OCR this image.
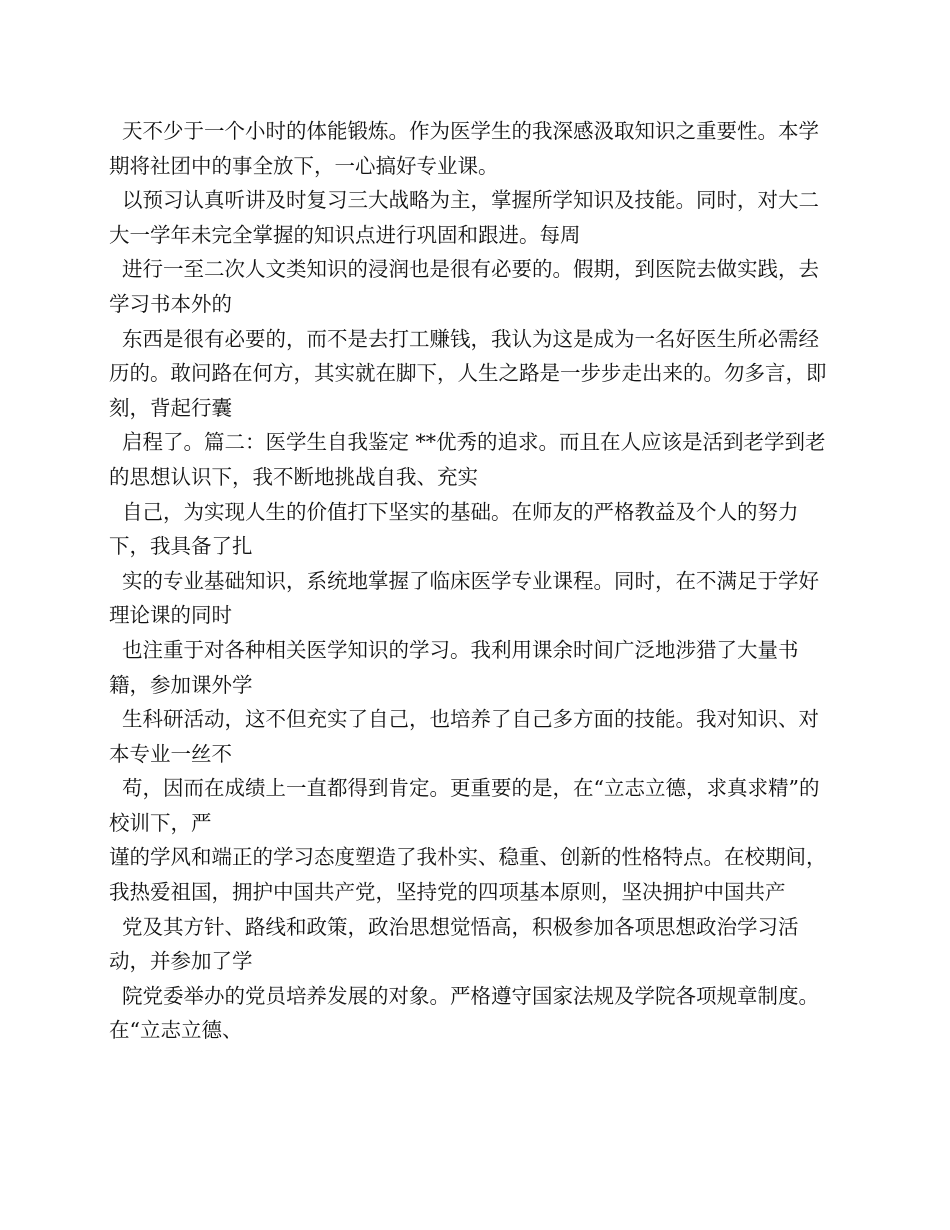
天不少于一个小时的体能锻炼。作为医学生的我深感汲取知识之重要性。本学期将社团中的事全放下，一心搞好专业课。

以预习认真听讲及时复习三大战略为主，掌握所学知识及技能。同时，对大二大一学年未完全掌握的知识点进行巩固和跟进。每周

进行一至二次人文类知识的浸润也是很有必要的。假期，到医院去做实践，去学习书本外的

东西是很有必要的，而不是去打工赚钱，我认为这是成为一名好医生所必需经历的。敢问路在何方，其实就在脚下，人生之路是一步步走出来的。勿多言，即刻，背起行囊

启程了。篇二：医学生自我鉴定 **优秀的追求。而且在人应该是活到老学到老的思想认识下，我不断地挑战自我、充实

自己，为实现人生的价值打下坚实的基础。在师友的严格教益及个人的努力下，我具备了扎

实的专业基础知识，系统地掌握了临床医学专业课程。同时，在不满足于学好理论课的同时

也注重于对各种相关医学知识的学习。我利用课余时间广泛地涉猎了大量书籍，参加课外学

生科研活动，这不但充实了自己，也培养了自己多方面的技能。我对知识、对本专业一丝不

苟，因而在成绩上一直都得到肯定。更重要的是，在“立志立德，求真求精”的校训下，严

谨的学风和端正的学习态度塑造了我朴实、稳重、创新的性格特点。在校期间，我热爱祖国，拥护中国共产党，坚持党的四项基本原则，坚决拥护中国共产

党及其方针、路线和政策，政治思想觉悟高，积极参加各项思想政治学习活动，并参加了学

院党委举办的党员培养发展的对象。严格遵守国家法规及学院各项规章制度。在“立志立德、
